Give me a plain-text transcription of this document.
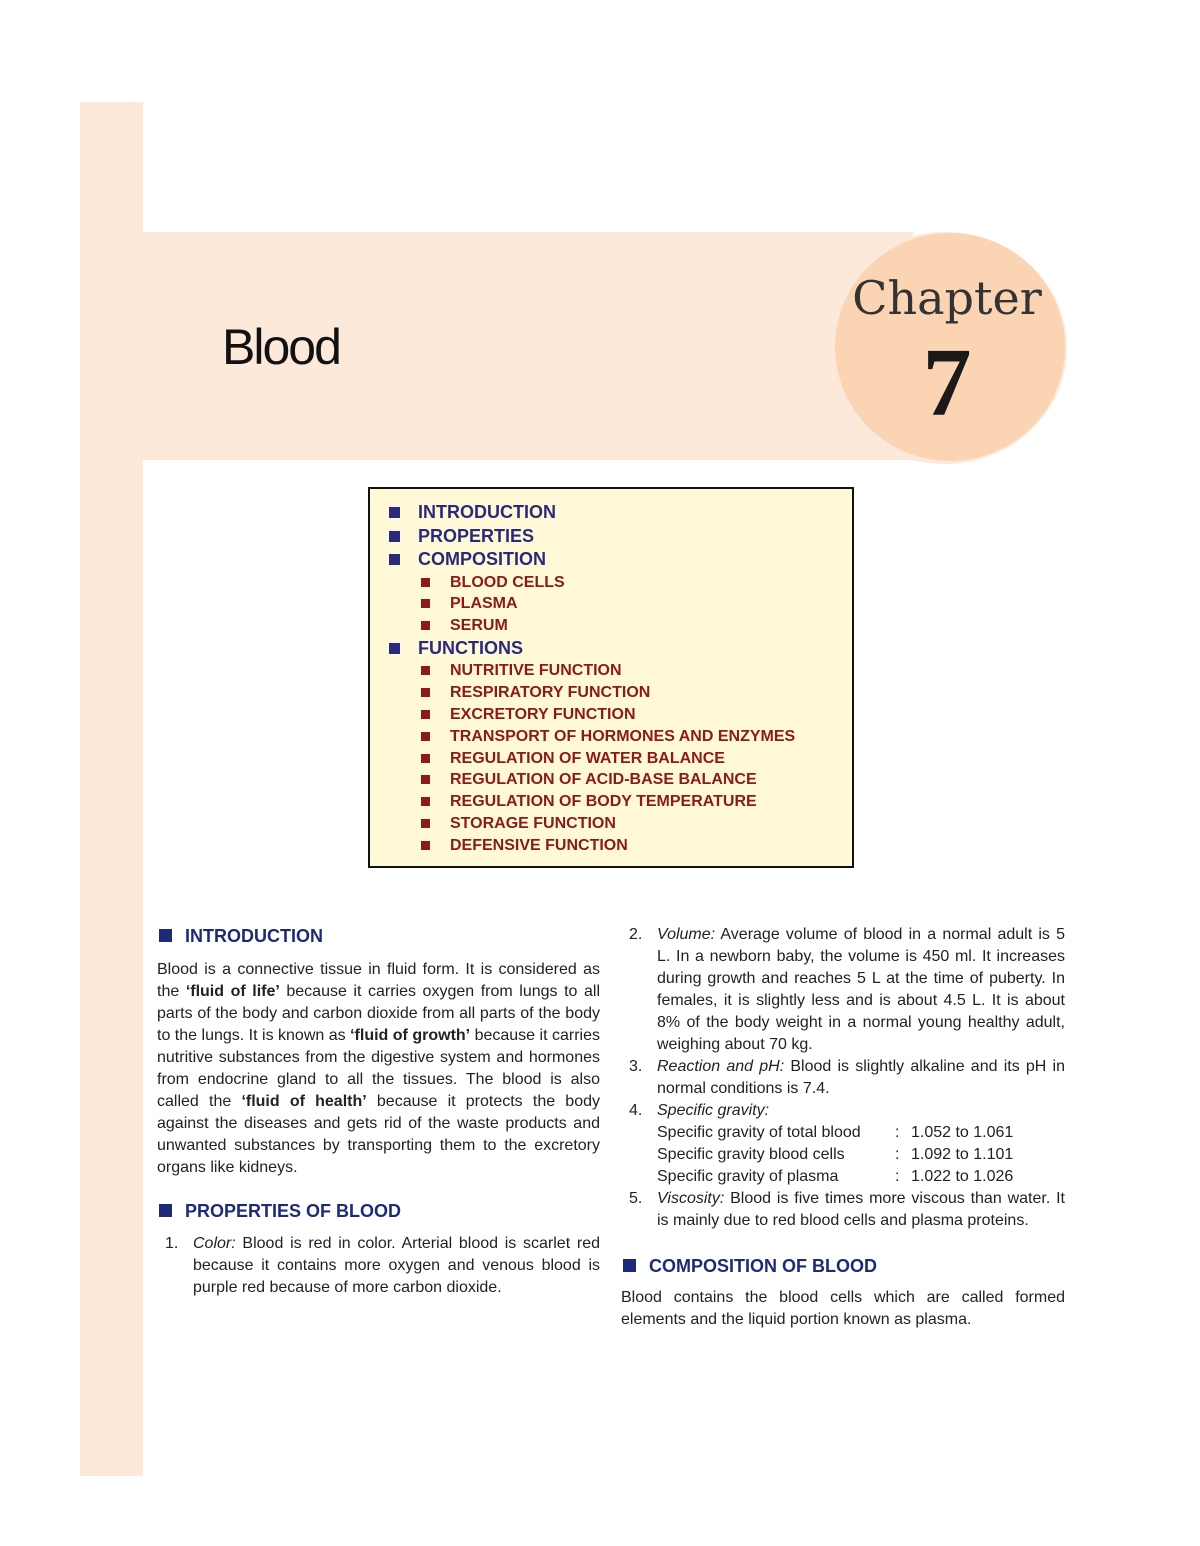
Blood
Chapter
7
INTRODUCTION
PROPERTIES
COMPOSITION
BLOOD CELLS
PLASMA
SERUM
FUNCTIONS
NUTRITIVE FUNCTION
RESPIRATORY FUNCTION
EXCRETORY FUNCTION
TRANSPORT OF HORMONES AND ENZYMES
REGULATION OF WATER BALANCE
REGULATION OF ACID-BASE BALANCE
REGULATION OF BODY TEMPERATURE
STORAGE FUNCTION
DEFENSIVE FUNCTION
INTRODUCTION

Blood is a connective tissue in fluid form. It is considered as the ‘fluid of life’ because it carries oxygen from lungs to all parts of the body and carbon dioxide from all parts of the body to the lungs. It is known as ‘fluid of growth’ because it carries nutritive substances from the digestive system and hormones from endocrine gland to all the tissues. The blood is also called the ‘fluid of health’ because it protects the body against the diseases and gets rid of the waste products and unwanted substances by transporting them to the excretory organs like kidneys.

PROPERTIES OF BLOOD
1. Color: Blood is red in color. Arterial blood is scarlet red because it contains more oxygen and venous blood is purple red because of more carbon dioxide.
2. Volume: Average volume of blood in a normal adult is 5 L. In a newborn baby, the volume is 450 ml. It increases during growth and reaches 5 L at the time of puberty. In females, it is slightly less and is about 4.5 L. It is about 8% of the body weight in a normal young healthy adult, weighing about 70 kg.
3. Reaction and pH: Blood is slightly alkaline and its pH in normal conditions is 7.4.
4. Specific gravity:
Specific gravity of total blood	: 1.052 to 1.061
Specific gravity blood cells	: 1.092 to 1.101
Specific gravity of plasma	: 1.022 to 1.026
5. Viscosity: Blood is five times more viscous than water. It is mainly due to red blood cells and plasma proteins.
COMPOSITION OF BLOOD

Blood contains the blood cells which are called formed elements and the liquid portion known as plasma.
